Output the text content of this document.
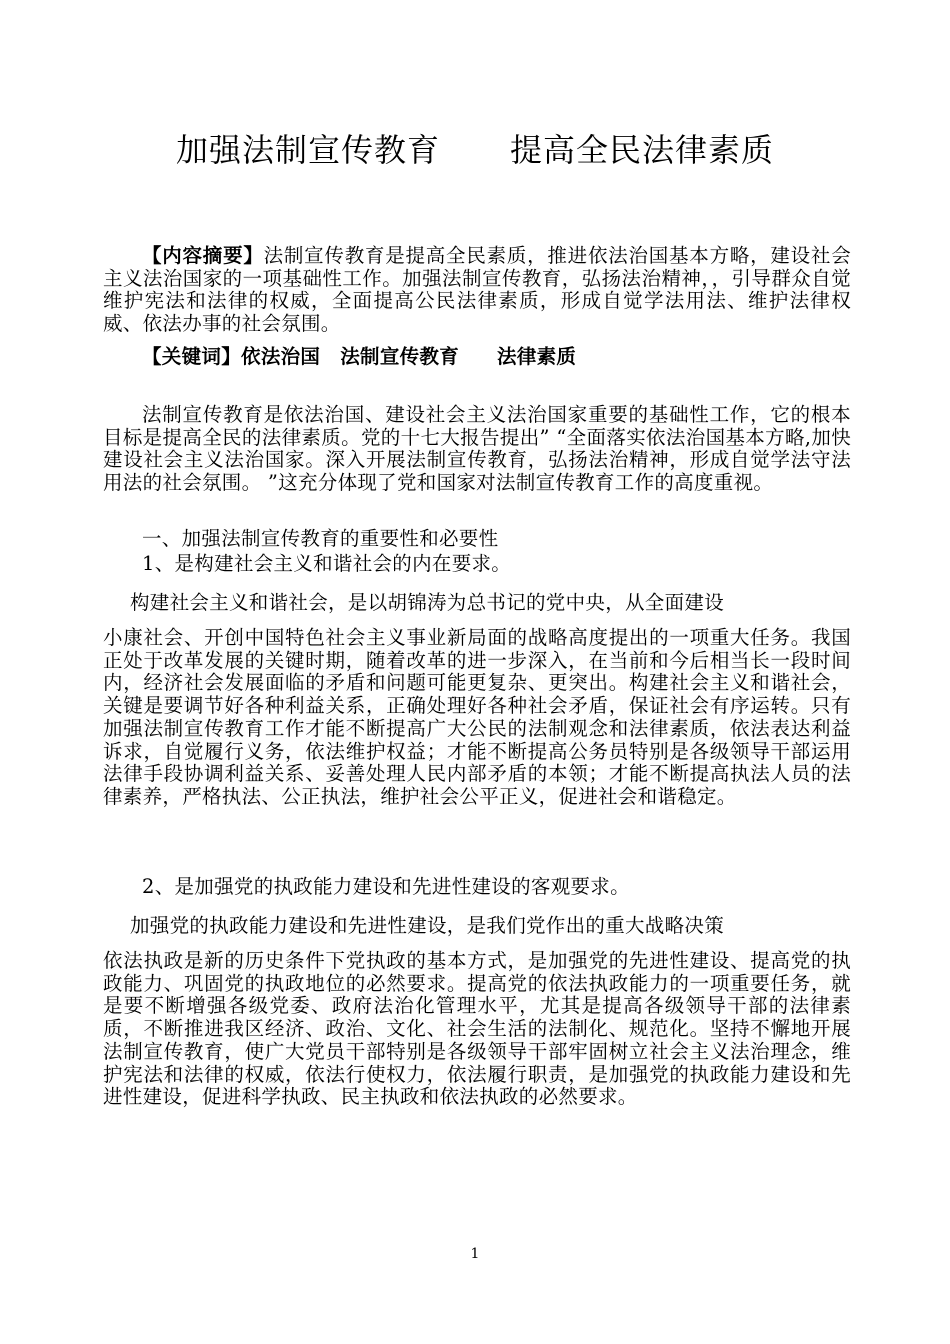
加强法制宣传教育 提高全民法律素质

【内容摘要】法制宣传教育是提高全民素质，推进依法治国基本方略，建设社会主义法治国家的一项基础性工作。加强法制宣传教育，弘扬法治精神，，引导群众自觉维护宪法和法律的权威，全面提高公民法律素质，形成自觉学法用法、维护法律权威、依法办事的社会氛围。

【关键词】依法治国 法制宣传教育 法律素质

法制宣传教育是依法治国、建设社会主义法治国家重要的基础性工作，它的根本目标是提高全民的法律素质。党的十七大报告提出” “全面落实依法治国基本方略,加快建设社会主义法治国家。深入开展法制宣传教育，弘扬法治精神，形成自觉学法守法用法的社会氛围。 ”这充分体现了党和国家对法制宣传教育工作的高度重视。

一、加强法制宣传教育的重要性和必要性

1、是构建社会主义和谐社会的内在要求。

构建社会主义和谐社会，是以胡锦涛为总书记的党中央，从全面建设

小康社会、开创中国特色社会主义事业新局面的战略高度提出的一项重大任务。我国正处于改革发展的关键时期，随着改革的进一步深入，在当前和今后相当长一段时间内，经济社会发展面临的矛盾和问题可能更复杂、更突出。构建社会主义和谐社会，关键是要调节好各种利益关系，正确处理好各种社会矛盾，保证社会有序运转。只有加强法制宣传教育工作才能不断提高广大公民的法制观念和法律素质，依法表达利益诉求，自觉履行义务，依法维护权益；才能不断提高公务员特别是各级领导干部运用法律手段协调利益关系、妥善处理人民内部矛盾的本领；才能不断提高执法人员的法律素养，严格执法、公正执法，维护社会公平正义，促进社会和谐稳定。

2、是加强党的执政能力建设和先进性建设的客观要求。

加强党的执政能力建设和先进性建设，是我们党作出的重大战略决策

依法执政是新的历史条件下党执政的基本方式，是加强党的先进性建设、提高党的执政能力、巩固党的执政地位的必然要求。提高党的依法执政能力的一项重要任务，就是要不断增强各级党委、政府法治化管理水平，尤其是提高各级领导干部的法律素质，不断推进我区经济、政治、文化、社会生活的法制化、规范化。坚持不懈地开展法制宣传教育，使广大党员干部特别是各级领导干部牢固树立社会主义法治理念，维护宪法和法律的权威，依法行使权力，依法履行职责，是加强党的执政能力建设和先进性建设，促进科学执政、民主执政和依法执政的必然要求。

1
